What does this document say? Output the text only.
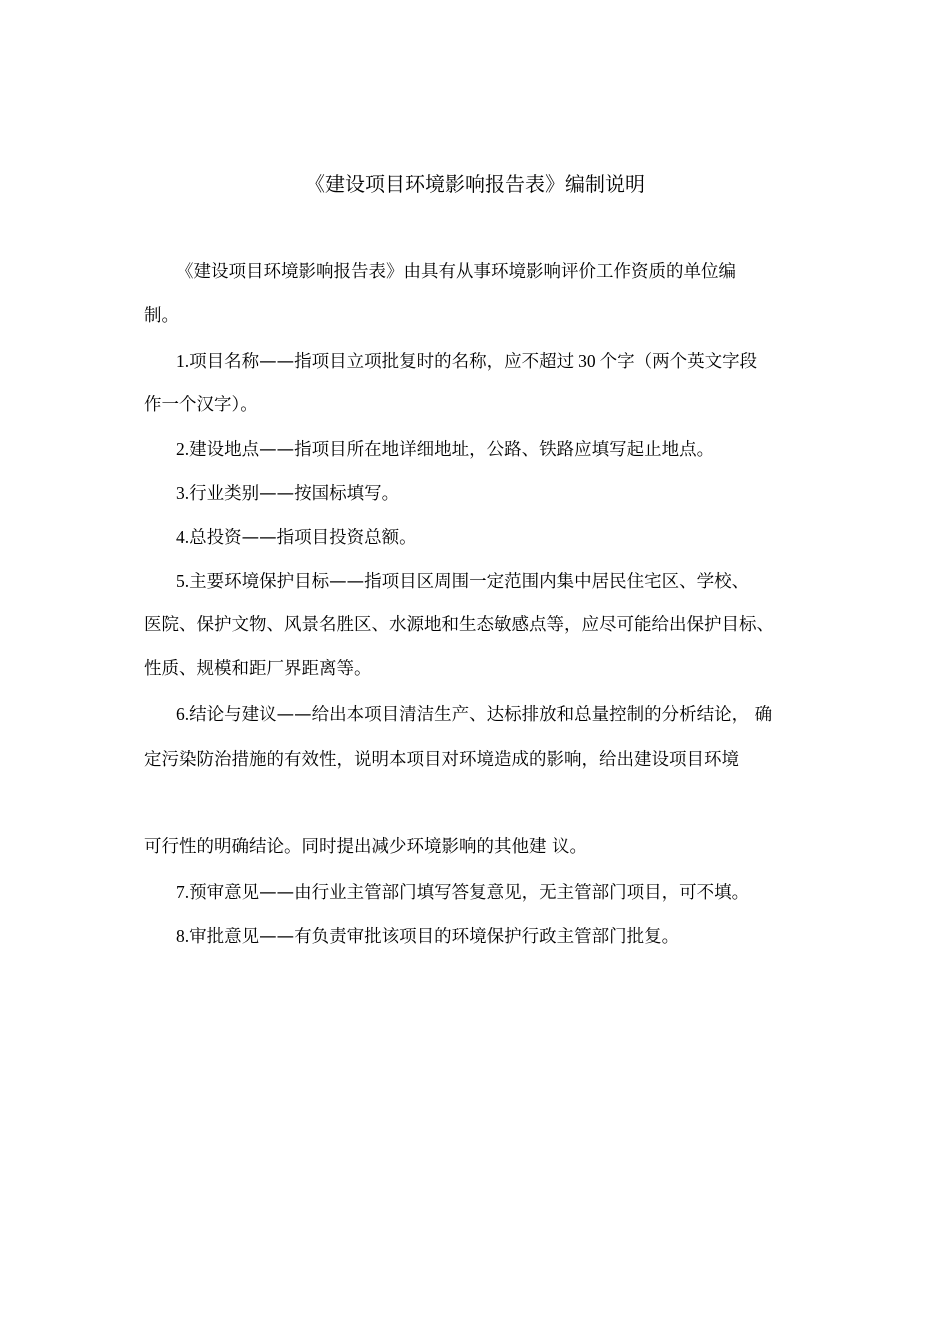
《建设项目环境影响报告表》编制说明
《建设项目环境影响报告表》由具有从事环境影响评价工作资质的单位编
制。
1.项目名称——指项目立项批复时的名称，应不超过 30 个字（两个英文字段
作一个汉字）。
2.建设地点——指项目所在地详细地址，公路、铁路应填写起止地点。
3.行业类别——按国标填写。
4.总投资——指项目投资总额。
5.主要环境保护目标——指项目区周围一定范围内集中居民住宅区、学校、
医院、保护文物、风景名胜区、水源地和生态敏感点等，应尽可能给出保护目标、
性质、规模和距厂界距离等。
6.结论与建议——给出本项目清洁生产、达标排放和总量控制的分析结论， 确
定污染防治措施的有效性，说明本项目对环境造成的影响，给出建设项目环境
可行性的明确结论。同时提出减少环境影响的其他建 议。
7.预审意见——由行业主管部门填写答复意见，无主管部门项目，可不填。
8.审批意见——有负责审批该项目的环境保护行政主管部门批复。
